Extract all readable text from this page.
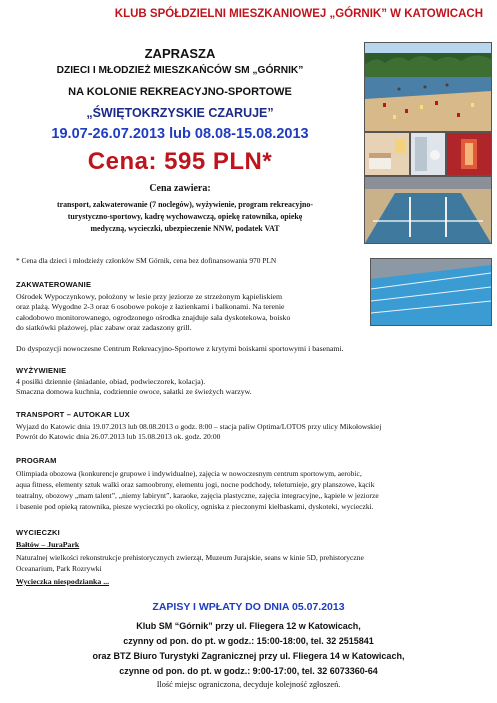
KLUB SPÓŁDZIELNI MIESZKANIOWEJ „GÓRNIK” W KATOWICACH
ZAPRASZA
DZIECI I MŁODZIEŻ MIESZKAŃCÓW SM „GÓRNIK”
NA KOLONIE REKREACYJNO-SPORTOWE
„ŚWIĘTOKRZYSKIE CZARUJE”
19.07-26.07.2013 lub 08.08-15.08.2013
Cena: 595 PLN*
Cena zawiera:
transport, zakwaterowanie (7 noclegów), wyżywienie, program rekreacyjno-
turystyczno-sportowy, kadrę wychowawczą, opiekę ratownika, opiekę
medyczną, wycieczki, ubezpieczenie NNW, podatek VAT
* Cena dla dzieci i młodzieży członków SM Górnik, cena bez dofinansowania 970 PLN
ZAKWATEROWANIE
Ośrodek Wypoczynkowy, położony w lesie przy jeziorze ze strzeżonym kąpieliskiem
oraz plażą. Wygodne 2-3 oraz 6 osobowe pokoje z łazienkami i balkonami. Na terenie
całodobowo monitorowanego, ogrodzonego ośrodka znajduje sala dyskotekowa, boisko
do siatkówki plażowej, plac zabaw oraz zadaszony grill.
Do dyspozycji nowoczesne Centrum Rekreacyjno-Sportowe z krytymi boiskami sportowymi i basenami.
WYŻYWIENIE
4 posiłki dziennie (śniadanie, obiad, podwieczorek, kolacja).
Smaczna domowa kuchnia, codziennie owoce, sałatki ze świeżych warzyw.
TRANSPORT – AUTOKAR LUX
Wyjazd do Katowic dnia 19.07.2013 lub 08.08.2013 o godz. 8:00 – stacja paliw Optima/LOTOS przy ulicy Mikołowskiej
Powrót do Katowic dnia 26.07.2013 lub 15.08.2013 ok. godz. 20:00
PROGRAM
Olimpiada obozowa (konkurencje grupowe i indywidualne), zajęcia w nowoczesnym centrum sportowym, aerobic,
aqua fitness, elementy sztuk walki oraz samoobrony, elementu jogi, nocne podchody, teleturnieje, gry planszowe, kącik
teatralny, obozowy „mam talent”, „niemy labirynt”, karaoke, zajęcia plastyczne, zajęcia integracyjne,, kąpiele w jeziorze
i basenie pod opieką ratownika, piesze wycieczki po okolicy, ogniska z pieczonymi kiełbaskami, dyskoteki, wycieczki.
WYCIECZKI
Bałtów – JuraPark
Naturalnej wielkości rekonstrukcje prehistorycznych zwierząt, Muzeum Jurajskie, seans w kinie 5D, prehistoryczne
Oceanarium, Park Rozrywki
Wycieczka niespodzianka ...
ZAPISY I WPŁATY DO DNIA 05.07.2013
Klub SM “Górnik” przy ul. Fliegera 12 w Katowicach,
czynny od pon. do pt. w godz.: 15:00-18:00, tel. 32 2515841
oraz BTZ Biuro Turystyki Zagranicznej przy ul. Fliegera 14 w Katowicach,
czynne od pon. do pt. w godz.: 9:00-17:00, tel. 32 6073360-64
Ilość miejsc ograniczona, decyduje kolejność zgłoszeń.
